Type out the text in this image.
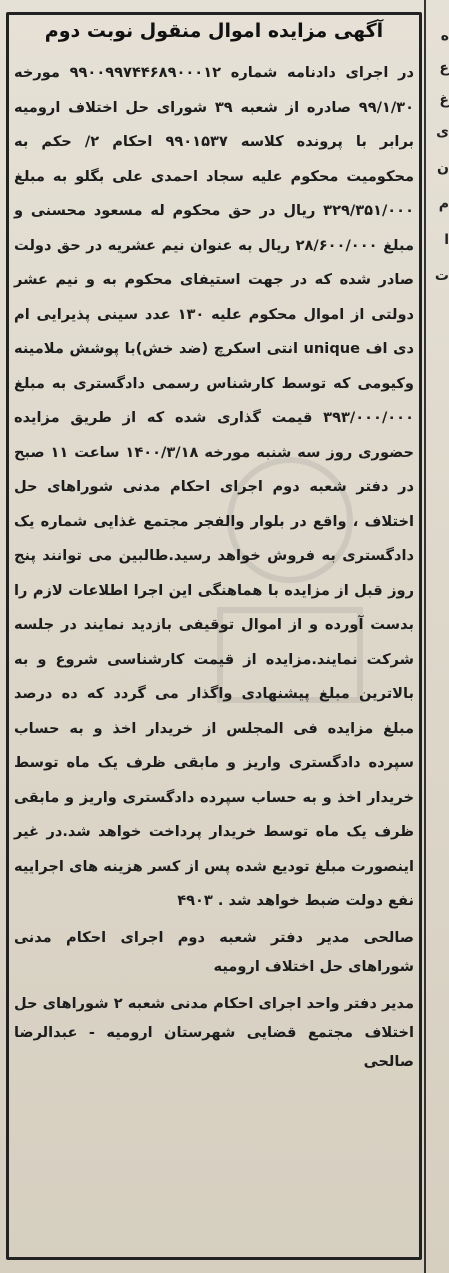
ه
ع
غ
ی
ن
م
ا
ت
آگهی مزایده اموال منقول نوبت دوم

در اجرای دادنامه شماره ۹۹۰۰۹۹۷۴۴۶۸۹۰۰۰۱۲ مورخه ۹۹/۱/۳۰ صادره از شعبه ۳۹ شورای حل اختلاف ارومیه برابر با پرونده کلاسه ۹۹۰۱۵۳۷ احکام ۲/ حکم به محکومیت محکوم علیه سجاد احمدی علی بگلو به مبلغ ۳۲۹/۳۵۱/۰۰۰ ریال در حق محکوم له مسعود محسنی و مبلغ ۲۸/۶۰۰/۰۰۰ ریال به عنوان نیم عشریه در حق دولت صادر شده که در جهت استیفای محکوم به و نیم عشر دولتی از اموال محکوم علیه ۱۳۰ عدد سینی پذیرایی ام دی اف unique انتی اسکرچ (ضد خش)با پوشش ملامینه وکیومی که توسط کارشناس رسمی دادگستری به مبلغ ۳۹۳/۰۰۰/۰۰۰ قیمت گذاری شده که از طریق مزایده حضوری روز سه شنبه مورخه ۱۴۰۰/۳/۱۸ ساعت ۱۱ صبح در دفتر شعبه دوم اجرای احکام مدنی شوراهای حل اختلاف ، واقع در بلوار والفجر مجتمع غذایی شماره یک دادگستری به فروش خواهد رسید.طالبین می توانند پنج روز قبل از مزایده با هماهنگی این اجرا اطلاعات لازم را بدست آورده و از اموال توقیفی بازدید نمایند در جلسه شرکت نمایند.مزایده از قیمت کارشناسی شروع و به بالاترین مبلغ پیشنهادی واگذار می گردد که ده درصد مبلغ مزایده فی المجلس از خریدار اخذ و به حساب سپرده دادگستری واریز و مابقی ظرف یک ماه توسط خریدار اخذ و به حساب سپرده دادگستری واریز و مابقی ظرف یک ماه توسط خریدار پرداخت خواهد شد.در غیر اینصورت مبلغ تودیع شده پس از کسر هزینه های اجراییه نفع دولت ضبط خواهد شد . ۴۹۰۳

صالحی مدیر دفتر شعبه دوم اجرای احکام مدنی شوراهای حل اختلاف ارومیه

مدیر دفتر واحد اجرای احکام مدنی شعبه ۲ شوراهای حل اختلاف مجتمع قضایی شهرستان ارومیه - عبدالرضا صالحی
